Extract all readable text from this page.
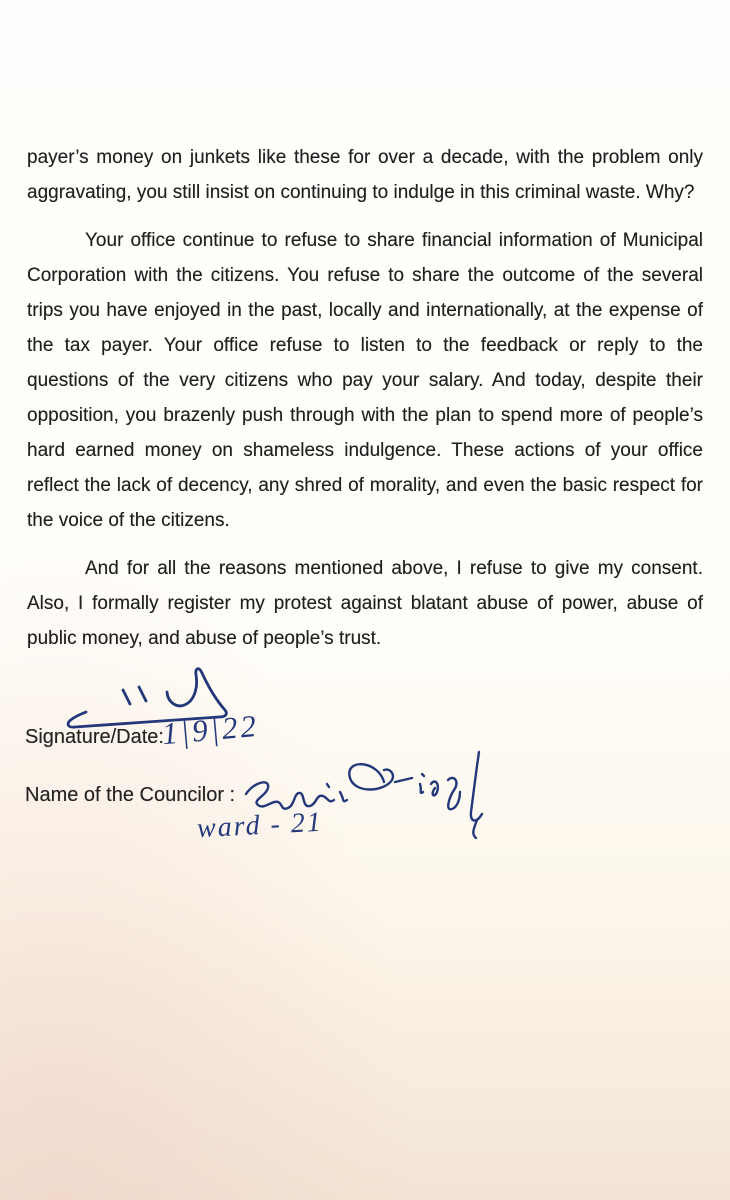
payer’s money on junkets like these for over a decade, with the problem only aggravating, you still insist on continuing to indulge in this criminal waste. Why?

Your office continue to refuse to share financial information of Municipal Corporation with the citizens. You refuse to share the outcome of the several trips you have enjoyed in the past, locally and internationally, at the expense of the tax payer. Your office refuse to listen to the feedback or reply to the questions of the very citizens who pay your salary. And today, despite their opposition, you brazenly push through with the plan to spend more of people’s hard earned money on shameless indulgence. These actions of your office reflect the lack of decency, any shred of morality, and even the basic respect for the voice of the citizens.

And for all the reasons mentioned above, I refuse to give my consent. Also, I formally register my protest against blatant abuse of power, abuse of public money, and abuse of people’s trust.

Signature/Date:
1|9|22
Name of the Councilor :
ward - 21
